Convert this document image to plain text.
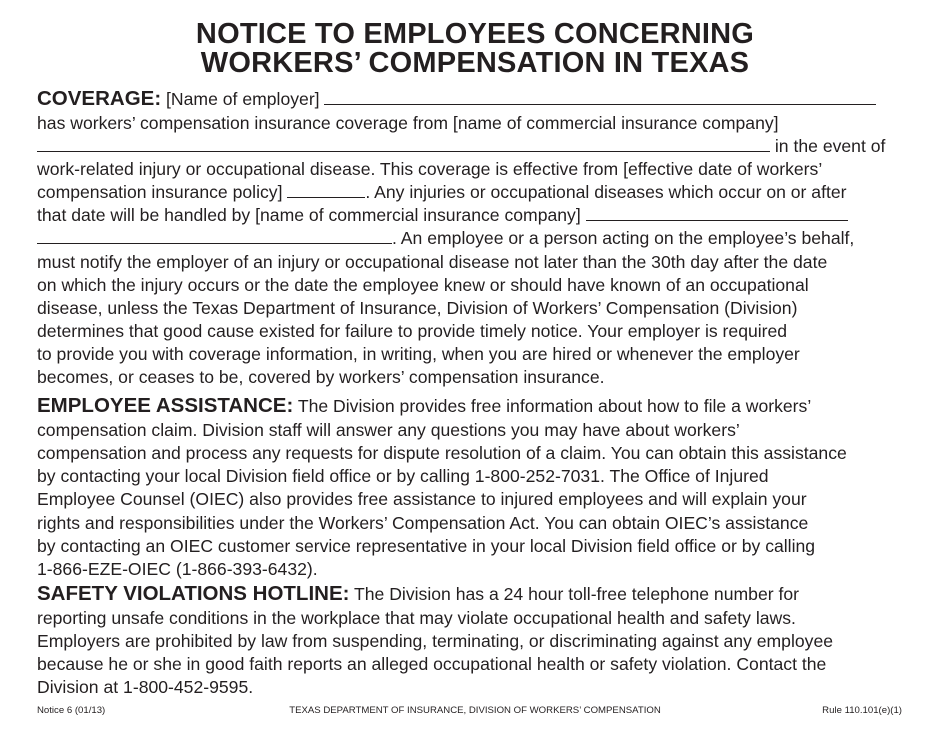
NOTICE TO EMPLOYEES CONCERNING
WORKERS’ COMPENSATION IN TEXAS
COVERAGE: [Name of employer]
has workers’ compensation insurance coverage from [name of commercial insurance company]
in the event of
work-related injury or occupational disease. This coverage is effective from [effective date of workers’
compensation insurance policy]	. Any injuries or occupational diseases which occur on or after
that date will be handled by [name of commercial insurance company]
. An employee or a person acting on the employee’s behalf,
must notify the employer of an injury or occupational disease not later than the 30th day after the date
on which the injury occurs or the date the employee knew or should have known of an occupational
disease, unless the Texas Department of Insurance, Division of Workers’ Compensation (Division)
determines that good cause existed for failure to provide timely notice. Your employer is required
to provide you with coverage information, in writing, when you are hired or whenever the employer
becomes, or ceases to be, covered by workers’ compensation insurance.
EMPLOYEE ASSISTANCE: The Division provides free information about how to file a workers’
compensation claim. Division staff will answer any questions you may have about workers’
compensation and process any requests for dispute resolution of a claim. You can obtain this assistance
by contacting your local Division field office or by calling 1-800-252-7031. The Office of Injured
Employee Counsel (OIEC) also provides free assistance to injured employees and will explain your
rights and responsibilities under the Workers’ Compensation Act. You can obtain OIEC’s assistance
by contacting an OIEC customer service representative in your local Division field office or by calling
1-866-EZE-OIEC (1-866-393-6432).
SAFETY VIOLATIONS HOTLINE: The Division has a 24 hour toll-free telephone number for
reporting unsafe conditions in the workplace that may violate occupational health and safety laws.
Employers are prohibited by law from suspending, terminating, or discriminating against any employee
because he or she in good faith reports an alleged occupational health or safety violation. Contact the
Division at 1-800-452-9595.
Notice 6 (01/13)	TEXAS DEPARTMENT OF INSURANCE, DIVISION OF WORKERS’ COMPENSATION	Rule 110.101(e)(1)
